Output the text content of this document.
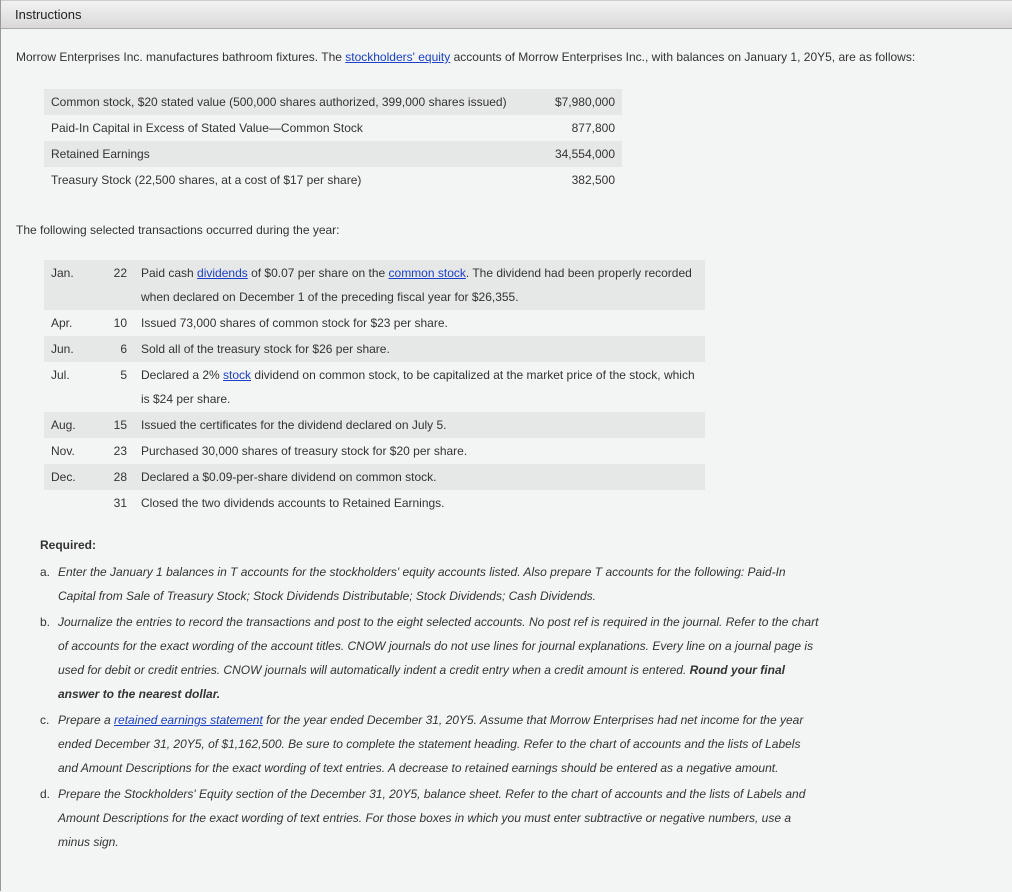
Instructions
Morrow Enterprises Inc. manufactures bathroom fixtures. The stockholders' equity accounts of Morrow Enterprises Inc., with balances on January 1, 20Y5, are as follows:
Common stock, $20 stated value (500,000 shares authorized, 399,000 shares issued)	$7,980,000
Paid-In Capital in Excess of Stated Value—Common Stock	877,800
Retained Earnings	34,554,000
Treasury Stock (22,500 shares, at a cost of $17 per share)	382,500
The following selected transactions occurred during the year:
Jan.	22	Paid cash dividends of $0.07 per share on the common stock. The dividend had been properly recorded when declared on December 1 of the preceding fiscal year for $26,355.
Apr.	10	Issued 73,000 shares of common stock for $23 per share.
Jun.	6	Sold all of the treasury stock for $26 per share.
Jul.	5	Declared a 2% stock dividend on common stock, to be capitalized at the market price of the stock, which is $24 per share.
Aug.	15	Issued the certificates for the dividend declared on July 5.
Nov.	23	Purchased 30,000 shares of treasury stock for $20 per share.
Dec.	28	Declared a $0.09-per-share dividend on common stock.
	31	Closed the two dividends accounts to Retained Earnings.
Required:
a. Enter the January 1 balances in T accounts for the stockholders' equity accounts listed. Also prepare T accounts for the following: Paid-In Capital from Sale of Treasury Stock; Stock Dividends Distributable; Stock Dividends; Cash Dividends.
b. Journalize the entries to record the transactions and post to the eight selected accounts. No post ref is required in the journal. Refer to the chart of accounts for the exact wording of the account titles. CNOW journals do not use lines for journal explanations. Every line on a journal page is used for debit or credit entries. CNOW journals will automatically indent a credit entry when a credit amount is entered. Round your final answer to the nearest dollar.
c. Prepare a retained earnings statement for the year ended December 31, 20Y5. Assume that Morrow Enterprises had net income for the year ended December 31, 20Y5, of $1,162,500. Be sure to complete the statement heading. Refer to the chart of accounts and the lists of Labels and Amount Descriptions for the exact wording of text entries. A decrease to retained earnings should be entered as a negative amount.
d. Prepare the Stockholders' Equity section of the December 31, 20Y5, balance sheet. Refer to the chart of accounts and the lists of Labels and Amount Descriptions for the exact wording of text entries. For those boxes in which you must enter subtractive or negative numbers, use a minus sign.
